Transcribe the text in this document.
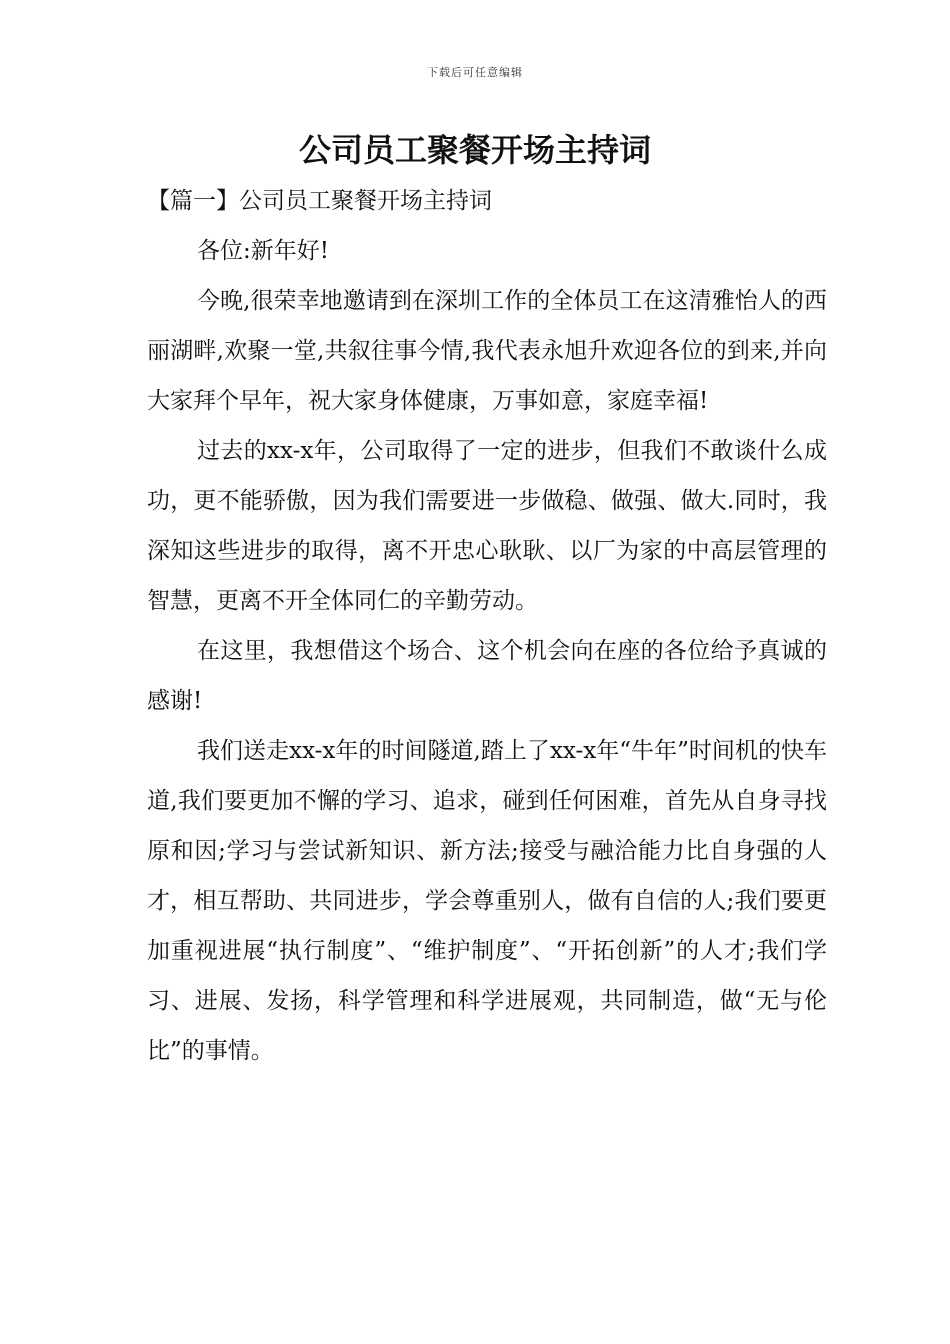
下载后可任意编辑
公司员工聚餐开场主持词
【篇一】公司员工聚餐开场主持词

各位:新年好!

今晚,很荣幸地邀请到在深圳工作的全体员工在这清雅怡人的西丽湖畔,欢聚一堂,共叙往事今情,我代表永旭升欢迎各位的到来,并向大家拜个早年，祝大家身体健康，万事如意，家庭幸福!

过去的xx-x年，公司取得了一定的进步，但我们不敢谈什么成功，更不能骄傲，因为我们需要进一步做稳、做强、做大.同时，我深知这些进步的取得，离不开忠心耿耿、以厂为家的中高层管理的智慧，更离不开全体同仁的辛勤劳动。

在这里，我想借这个场合、这个机会向在座的各位给予真诚的感谢!

我们送走xx-x年的时间隧道,踏上了xx-x年“牛年”时间机的快车道,我们要更加不懈的学习、追求，碰到任何困难，首先从自身寻找原和因;学习与尝试新知识、新方法;接受与融洽能力比自身强的人才，相互帮助、共同进步，学会尊重别人，做有自信的人;我们要更加重视进展“执行制度”、“维护制度”、“开拓创新”的人才;我们学习、进展、发扬，科学管理和科学进展观，共同制造，做“无与伦比”的事情。
